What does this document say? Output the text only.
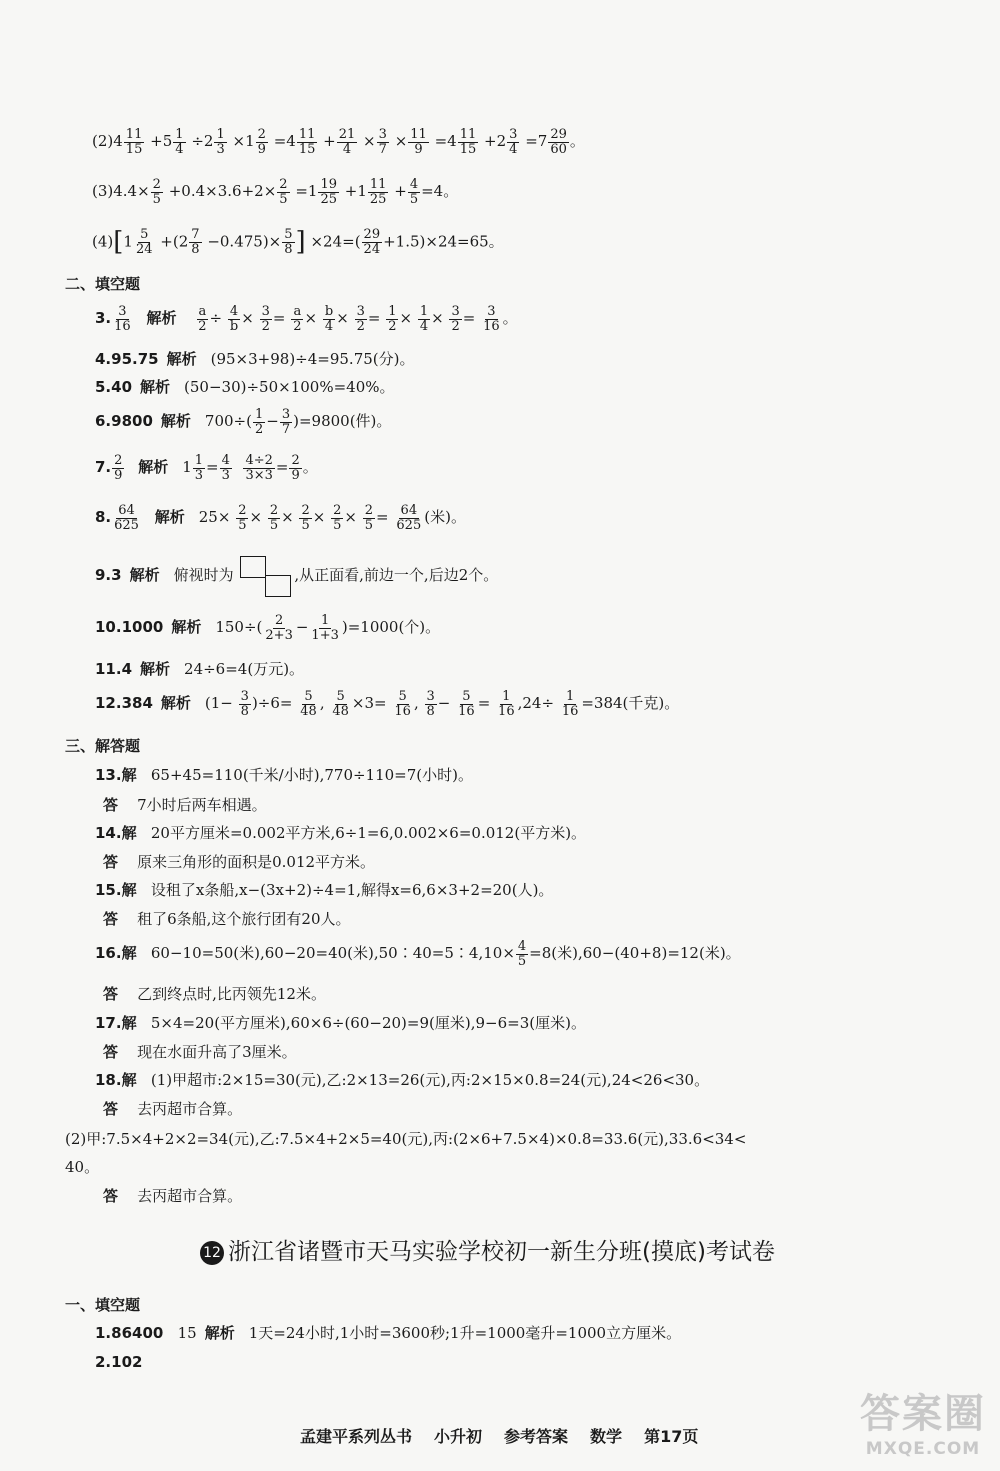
$(2)4 \frac{11}{15} +5 \frac{1}{4} \div 2 \frac{1}{3} \times 1 \frac{2}{9} =4 \frac{11}{15} + \frac{21}{4} \times \frac{3}{7} \times \frac{11}{9} =4 \frac{11}{15} +2 \frac{3}{4} =7 \frac{29}{60}$ 。
$(3)4.4\times \frac{2}{5} +0.4\times 3.6+2\times \frac{2}{5} =1 \frac{19}{25} +1 \frac{11}{25} + \frac{4}{5} =4$。
$(4)[1 \frac{5}{24} +(2 \frac{7}{8} -0.475)\times \frac{5}{8}$ ] $\times 24=( \frac{29}{24} +1.5)\times 24=65$。
二、填空题
3. $\frac{3}{16}$ 解析 $\frac{a}{2} \div \frac{4}{b} \times \frac{3}{2} = \frac{a}{2} \times \frac{b}{4} \times \frac{3}{2} = \frac{1}{2} \times \frac{1}{4} \times \frac{3}{2} = \frac{3}{16}$ 。
4.95.75 解析 (95×3+98)÷4=95.75(分)。
5.40 解析 (50−30)÷50×100%=40%。
6.9800 解析 $700\div( \frac{1}{2} - \frac{3}{7} )=9800$(件)。
7. $\frac{2}{9}$ 解析 $1 \frac{1}{3} = \frac{4}{3}$
$\frac{4\div 2}{3\times 3} = \frac{2}{9}$ 。
8. $\frac{64}{625}$ 解析 $25\times \frac{2}{5} \times \frac{2}{5} \times \frac{2}{5} \times \frac{2}{5} \times \frac{2}{5} = \frac{64}{625}$ (米)。
9.3 解析 俯视时为	,从正面看,前边一个,后边2个。
10.1000 解析 $150\div( \frac{2}{2+3} - \frac{1}{1+3} )=1000$(个)。
11.4 解析 24÷6=4(万元)。
12.384 解析 $(1- \frac{3}{8} )\div 6= \frac{5}{48}$ , $\frac{5}{48} \times 3= \frac{5}{16}$ , $\frac{3}{8} - \frac{5}{16} = \frac{1}{16} ,24\div \frac{1}{16} =384$(千克)。
三、解答题
13.解 65+45=110(千米/小时),770÷110=7(小时)。
答 7小时后两车相遇。
14.解 20平方厘米=0.002平方米,6÷1=6,0.002×6=0.012(平方米)。
答 原来三角形的面积是0.012平方米。
15.解 设租了x条船,x−(3x+2)÷4=1,解得x=6,6×3+2=20(人)。
答 租了6条船,这个旅行团有20人。
16.解 60−10=50(米),60−20=40(米),50∶40=5∶4,10× $\frac{4}{5} =8$(米),60−(40+8)=12(米)。
答 乙到终点时,比丙领先12米。
17.解 5×4=20(平方厘米),60×6÷(60−20)=9(厘米),9−6=3(厘米)。
答 现在水面升高了3厘米。
18.解 (1)甲超市:2×15=30(元),乙:2×13=26(元),丙:2×15×0.8=24(元),24<26<30。
答 去丙超市合算。
(2)甲:7.5×4+2×2=34(元),乙:7.5×4+2×5=40(元),丙:(2×6+7.5×4)×0.8=33.6(元),33.6<34<
40。
答 去丙超市合算。
12 浙江省诸暨市天马实验学校初一新生分班(摸底)考试卷
一、填空题
1.86400 15 解析 1天=24小时,1小时=3600秒;1升=1000毫升=1000立方厘米。
2.102
孟建平系列丛书 小升初 参考答案 数学 第17页	答案圈
MXQE.COM
